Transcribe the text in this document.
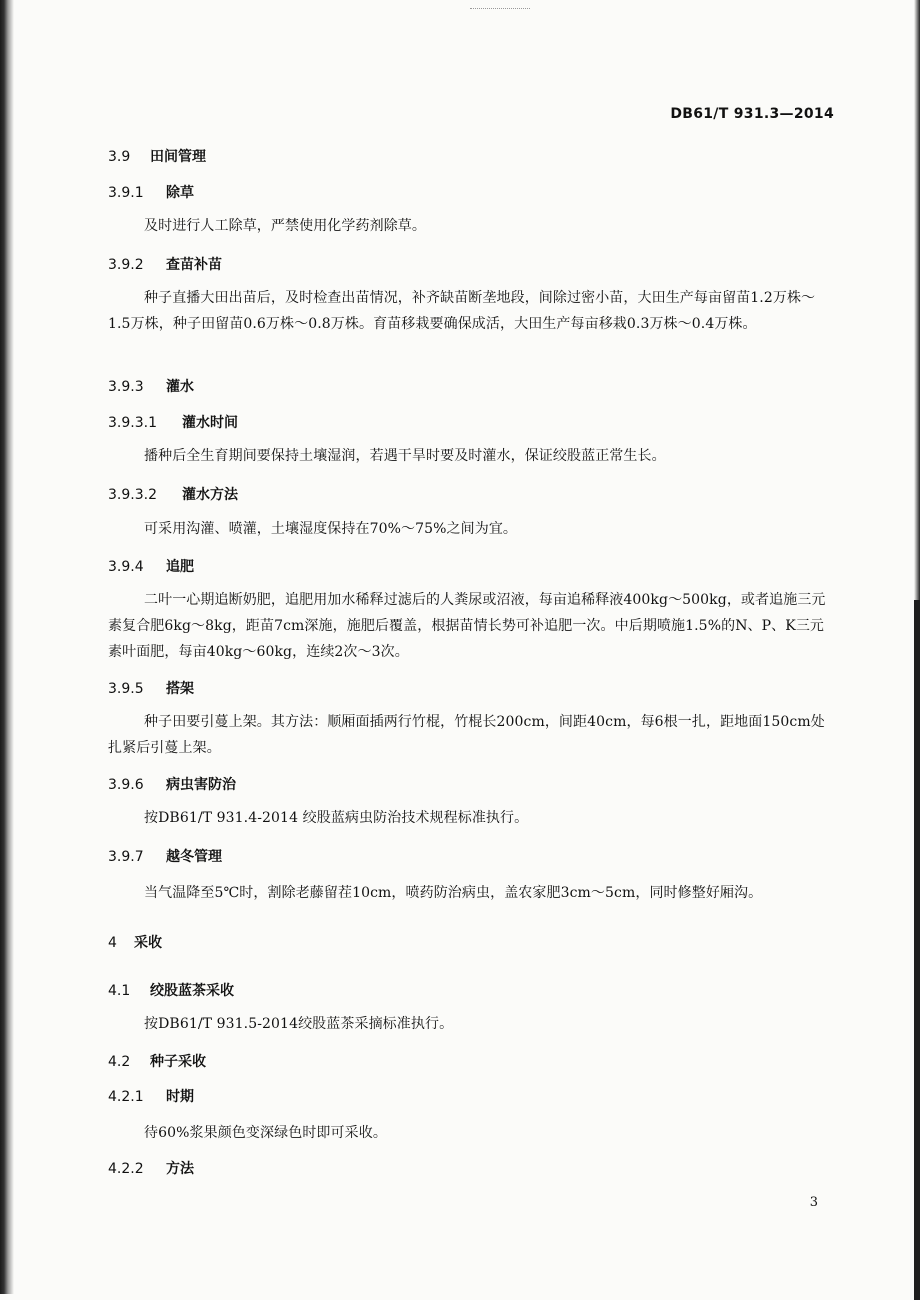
DB61/T 931.3—2014
3.9 田间管理
3.9.1 除草
及时进行人工除草，严禁使用化学药剂除草。
3.9.2 查苗补苗
种子直播大田出苗后，及时检查出苗情况，补齐缺苗断垄地段，间除过密小苗，大田生产每亩留苗1.2万株～1.5万株，种子田留苗0.6万株～0.8万株。育苗移栽要确保成活，大田生产每亩移栽0.3万株～0.4万株。
3.9.3 灌水
3.9.3.1 灌水时间
播种后全生育期间要保持土壤湿润，若遇干旱时要及时灌水，保证绞股蓝正常生长。
3.9.3.2 灌水方法
可采用沟灌、喷灌，土壤湿度保持在70%～75%之间为宜。
3.9.4 追肥
二叶一心期追断奶肥，追肥用加水稀释过滤后的人粪尿或沼液，每亩追稀释液400kg～500kg，或者追施三元素复合肥6kg～8kg，距苗7cm深施，施肥后覆盖，根据苗情长势可补追肥一次。中后期喷施1.5%的N、P、K三元素叶面肥，每亩40kg～60kg，连续2次～3次。
3.9.5 搭架
种子田要引蔓上架。其方法：顺厢面插两行竹棍，竹棍长200cm，间距40cm，每6根一扎，距地面150cm处扎紧后引蔓上架。
3.9.6 病虫害防治
按DB61/T 931.4-2014 绞股蓝病虫防治技术规程标准执行。
3.9.7 越冬管理
当气温降至5℃时，割除老藤留茬10cm，喷药防治病虫，盖农家肥3cm～5cm，同时修整好厢沟。
4 采收
4.1 绞股蓝茶采收
按DB61/T 931.5-2014绞股蓝茶采摘标准执行。
4.2 种子采收
4.2.1 时期
待60%浆果颜色变深绿色时即可采收。
4.2.2 方法
3
